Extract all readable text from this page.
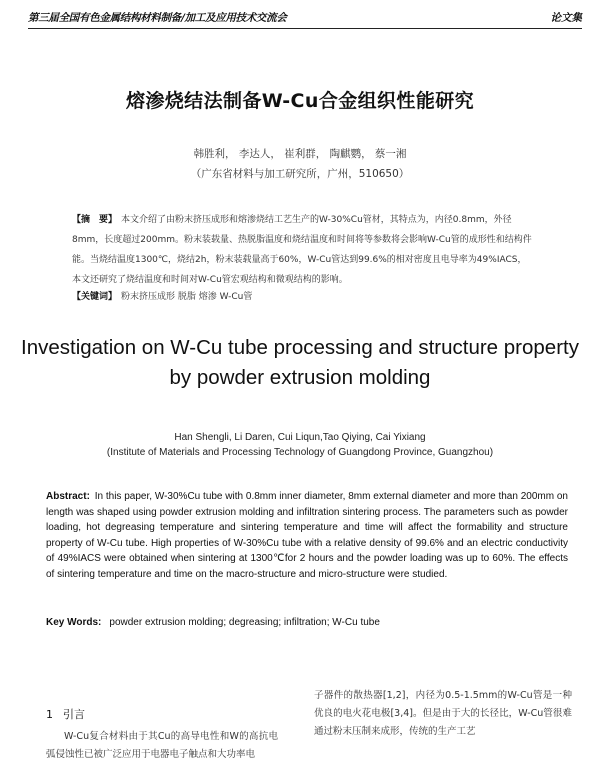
第三届全国有色金属结构材料制备/加工及应用技术交流会	论文集
熔渗烧结法制备W-Cu合金组织性能研究
韩胜利， 李达人， 崔利群， 陶麒鹦， 蔡一湘
（广东省材料与加工研究所，广州，510650）
【摘　要】 本文介绍了由粉末挤压成形和熔渗烧结工艺生产的W-30%Cu管材，其特点为，内径0.8mm，外径8mm，长度超过200mm。粉末装载量、热脱脂温度和烧结温度和时间将等参数将会影响W-Cu管的成形性和结构件能。当烧结温度1300℃，烧结2h，粉末装载量高于60%，W-Cu管达到99.6%的相对密度且电导率为49%IACS，本文还研究了烧结温度和时间对W-Cu管宏观结构和微观结构的影响。
【关键词】 粉末挤压成形 脱脂 熔渗 W-Cu管
Investigation on W-Cu tube processing and structure property by powder extrusion molding
Han Shengli, Li Daren, Cui Liqun,Tao Qiying, Cai Yixiang
(Institute of Materials and Processing Technology of Guangdong Province, Guangzhou)
Abstract: In this paper, W-30%Cu tube with 0.8mm inner diameter, 8mm external diameter and more than 200mm on length was shaped using powder extrusion molding and infiltration sintering process. The parameters such as powder loading, hot degreasing temperature and sintering temperature and time will affect the formability and structure property of W-Cu tube. High properties of W-30%Cu tube with a relative density of 99.6% and an electric conductivity of 49%IACS were obtained when sintering at 1300℃for 2 hours and the powder loading was up to 60%. The effects of sintering temperature and time on the macro-structure and micro-structure were studied.
Key Words: powder extrusion molding; degreasing; infiltration; W-Cu tube
1 引言
W-Cu复合材料由于其Cu的高导电性和W的高抗电弧侵蚀性已被广泛应用于电器电子触点和大功率电
子器件的散热器[1,2]，内径为0.5-1.5mm的W-Cu管是一种优良的电火花电极[3,4]。但是由于大的长径比，W-Cu管很难通过粉末压制来成形，传统的生产工艺
